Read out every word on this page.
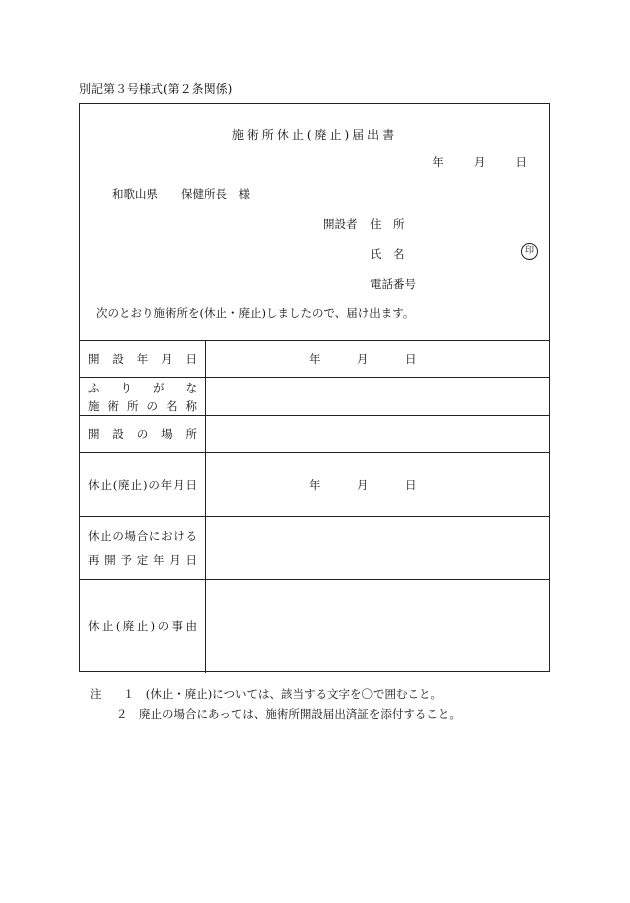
別記第３号様式(第２条関係)
施術所休止(廃止)届出書
年	月	日
和歌山県　　保健所長　様
開設者 住　所
氏　名	印
電話番号
次のとおり施術所を(休止・廃止)しましたので、届け出ます。
開設年月日	年	月	日
ふりがな
施術所の名称
開設の場所
休止(廃止)の年月日	年	月	日
休止の場合における
再開予定年月日
休止(廃止)の事由
注 １　(休止・廃止)については、該当する文字を〇で囲むこと。
２　廃止の場合にあっては、施術所開設届出済証を添付すること。
